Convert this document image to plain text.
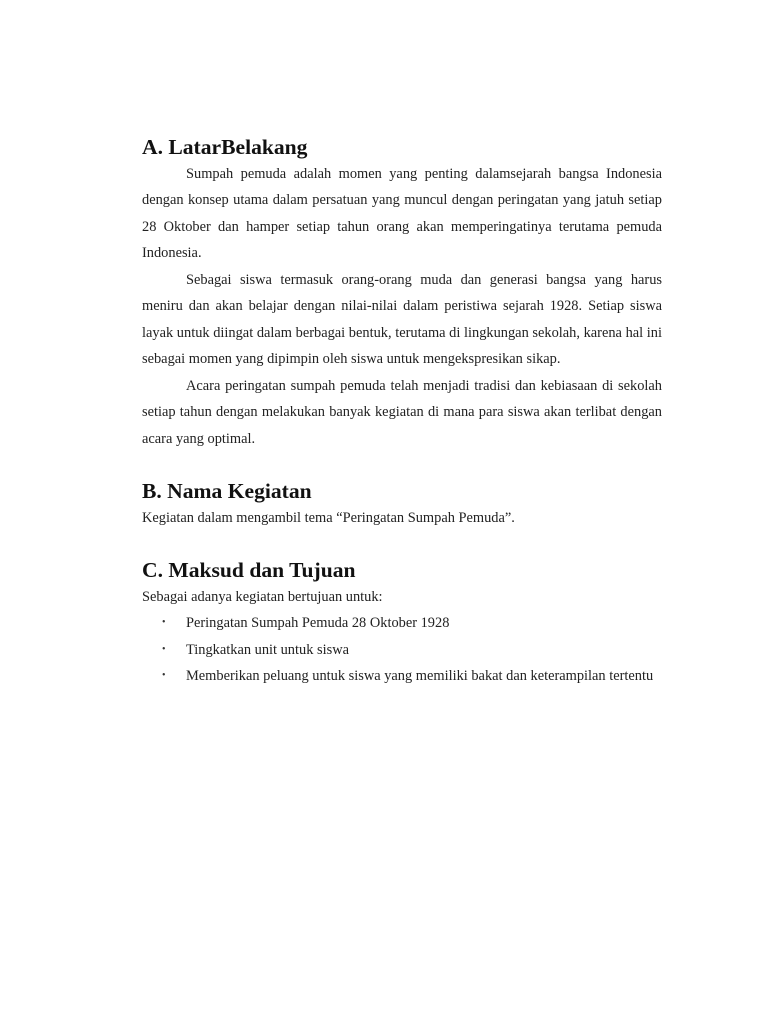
A. LatarBelakang

Sumpah pemuda adalah momen yang penting dalamsejarah bangsa Indonesia dengan konsep utama dalam persatuan yang muncul dengan peringatan yang jatuh setiap 28 Oktober dan hamper setiap tahun orang akan memperingatinya terutama pemuda Indonesia.

Sebagai siswa termasuk orang-orang muda dan generasi bangsa yang harus meniru dan akan belajar dengan nilai-nilai dalam peristiwa sejarah 1928. Setiap siswa layak untuk diingat dalam berbagai bentuk, terutama di lingkungan sekolah, karena hal ini sebagai momen yang dipimpin oleh siswa untuk mengekspresikan sikap.

Acara peringatan sumpah pemuda telah menjadi tradisi dan kebiasaan di sekolah setiap tahun dengan melakukan banyak kegiatan di mana para siswa akan terlibat dengan acara yang optimal.

B. Nama Kegiatan

Kegiatan dalam mengambil tema “Peringatan Sumpah Pemuda”.

C. Maksud dan Tujuan

Sebagai adanya kegiatan bertujuan untuk:

• Peringatan Sumpah Pemuda 28 Oktober 1928
• Tingkatkan unit untuk siswa
• Memberikan peluang untuk siswa yang memiliki bakat dan keterampilan tertentu
